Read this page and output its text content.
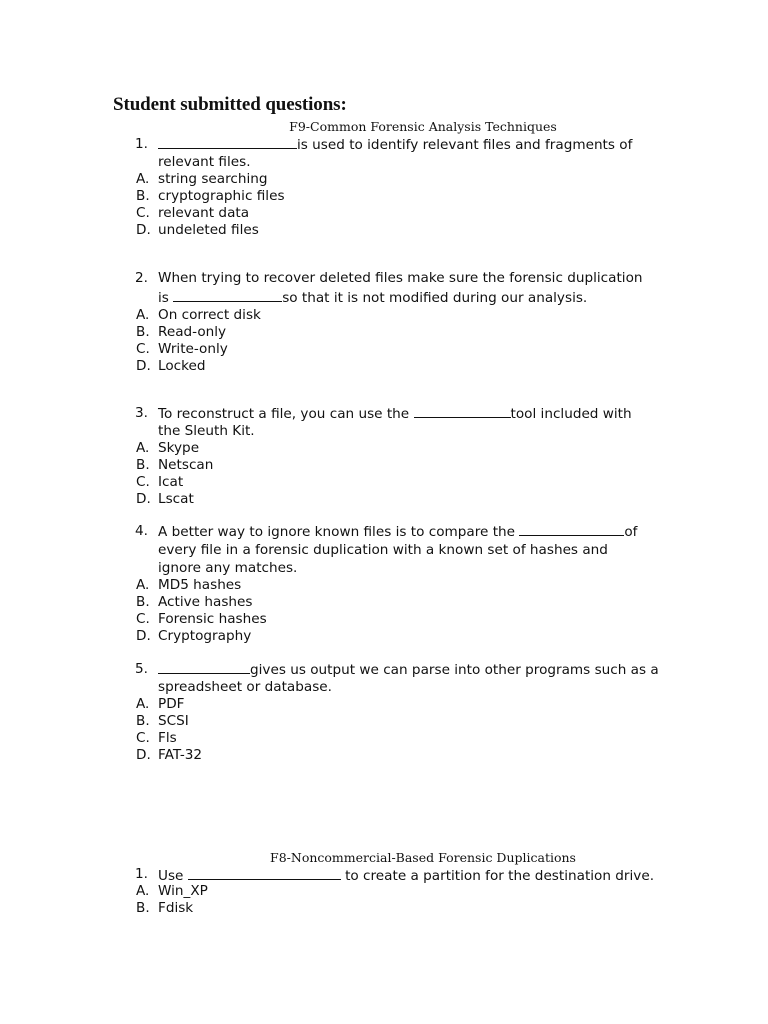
Student submitted questions:
F9-Common Forensic Analysis Techniques
1.	is used to identify relevant files and fragments of
relevant files.
A. string searching
B. cryptographic files
C. relevant data
D. undeleted files
2. When trying to recover deleted files make sure the forensic duplication
is	so that it is not modified during our analysis.
A. On correct disk
B. Read-only
C. Write-only
D. Locked
3. To reconstruct a file, you can use the	tool included with
the Sleuth Kit.
A. Skype
B. Netscan
C. Icat
D. Lscat
4. A better way to ignore known files is to compare the	of
every file in a forensic duplication with a known set of hashes and
ignore any matches.
A. MD5 hashes
B. Active hashes
C. Forensic hashes
D. Cryptography
5.	gives us output we can parse into other programs such as a
spreadsheet or database.
A. PDF
B. SCSI
C. Fls
D. FAT-32
F8-Noncommercial-Based Forensic Duplications
1. Use	to create a partition for the destination drive.
A. Win_XP
B. Fdisk
